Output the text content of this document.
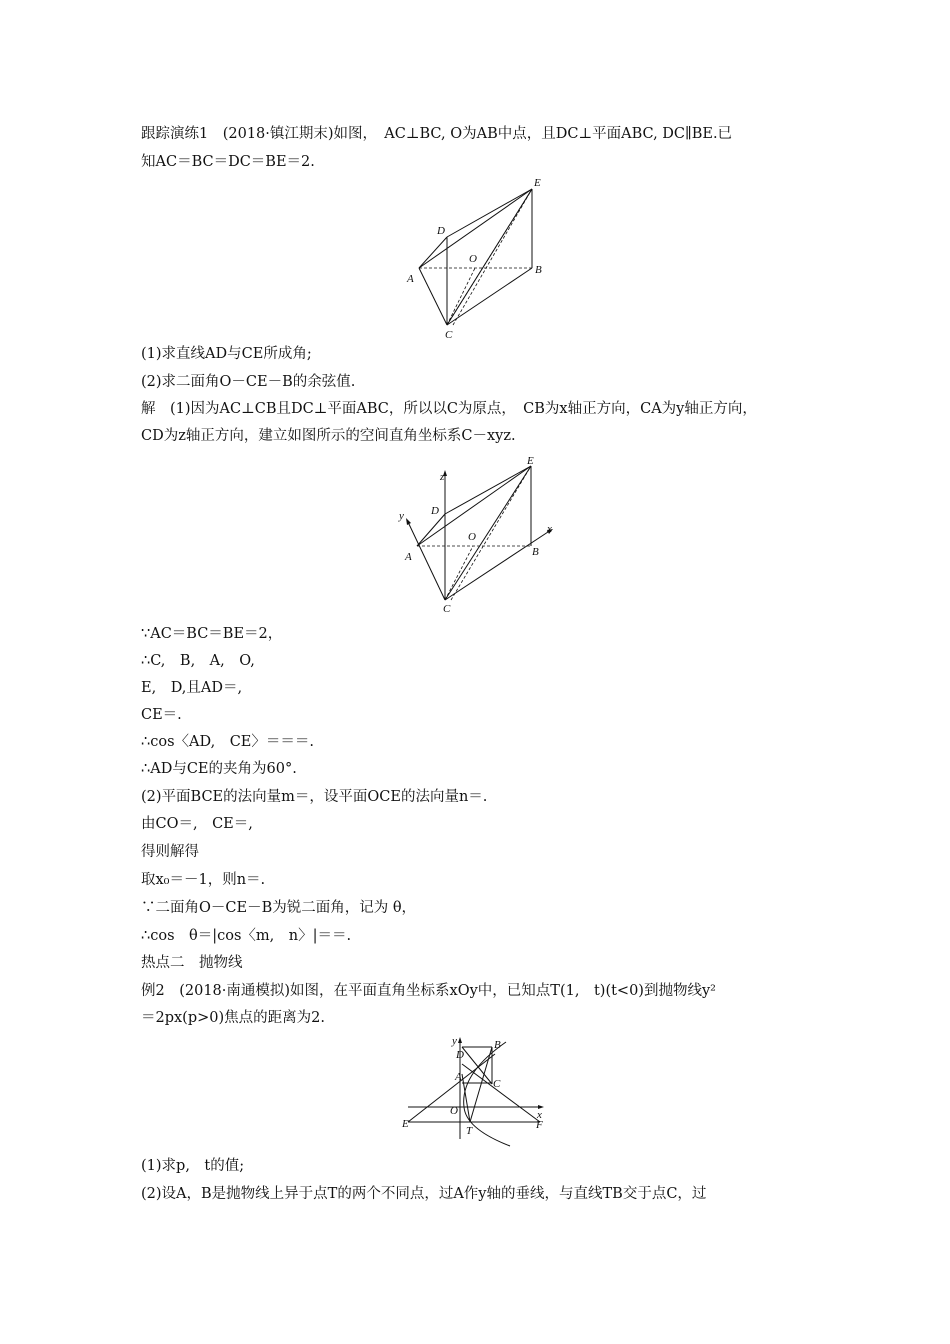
跟踪演练1　(2018·镇江期末)如图，　AC⊥BC, O为AB中点，且DC⊥平面ABC, DC∥BE.已
知AC＝BC＝DC＝BE＝2.
E
D
O
A
B
C
(1)求直线AD与CE所成角;
(2)求二面角O－CE－B的余弦值.
解　(1)因为AC⊥CB且DC⊥平面ABC，所以以C为原点，　CB为x轴正方向，CA为y轴正方向，
CD为z轴正方向，建立如图所示的空间直角坐标系C－xyz.
z
y
x
E
D
O
A	B
C
∵AC＝BC＝BE＝2，
∴C,　B,　A,　O,
E,　D,且AD＝,
CE＝.
∴cos〈AD,　CE〉＝＝＝.
∴AD与CE的夹角为60°.
(2)平面BCE的法向量m＝，设平面OCE的法向量n＝.
由CO＝,　CE＝,
得则解得
取x₀＝－1，则n＝.
∵二面角O－CE－B为锐二面角，记为 θ，
∴cos　θ＝|cos〈m,　n〉|＝＝.
热点二　抛物线
例2　(2018·南通模拟)如图，在平面直角坐标系xOy中，已知点T(1,　t)(t<0)到抛物线y²
＝2px(p>0)焦点的距离为2.
y
x
D
B
A
C
O
E
T	F
(1)求p,　t的值;
(2)设A，B是抛物线上异于点T的两个不同点，过A作y轴的垂线，与直线TB交于点C，过
